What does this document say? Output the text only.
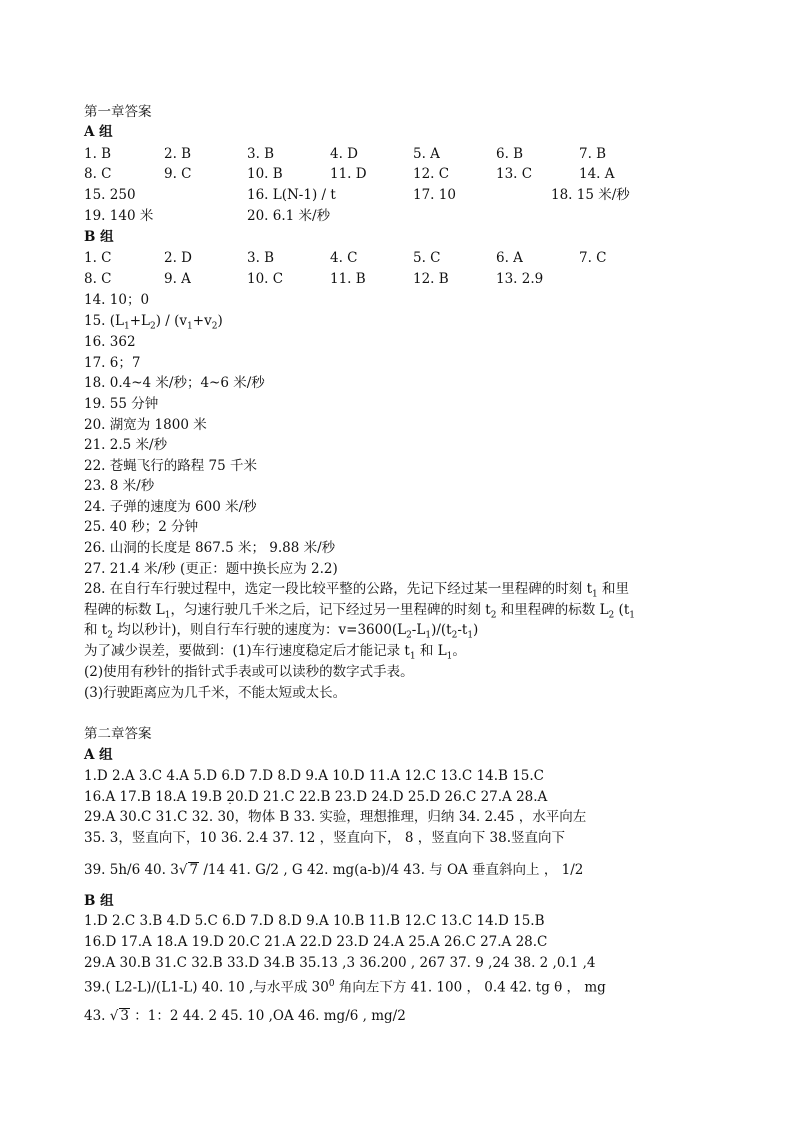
第一章答案
A 组
1. B	2. B	3. B	4. D	5. A	6. B	7. B
8. C	9. C	10. B	11. D	12. C	13. C	14. A
15. 250	16. L(N-1) / t	17. 10	18. 15 米/秒
19. 140 米	20. 6.1 米/秒
B 组
1. C	2. D	3. B	4. C	5. C	6. A	7. C
8. C	9. A	10. C	11. B	12. B	13. 2.9
14. 10；0
15. $(L_1+L_2) / (v_1+v_2)$
16. 362
17. 6；7
18. 0.4~4 米/秒；4~6 米/秒
19. 55 分钟
20. 湖宽为 1800 米
21. 2.5 米/秒
22. 苍蝇飞行的路程 75 千米
23. 8 米/秒
24. 子弹的速度为 600 米/秒
25. 40 秒；2 分钟
26. 山洞的长度是 867.5 米； 9.88 米/秒
27. 21.4 米/秒 (更正：题中换长应为 2.2)
28. 在自行车行驶过程中，选定一段比较平整的公路，先记下经过某一里程碑的时刻 $t_1$ 和里
程碑的标数 $L_1$，匀速行驶几千米之后，记下经过另一里程碑的时刻 $t_2$ 和里程碑的标数 $L_2$ ($t_1$
和 $t_2$ 均以秒计)，则自行车行驶的速度为：$v=3600(L_2-L_1)/(t_2-t_1)$
为了减少误差，要做到：(1)车行速度稳定后才能记录 $t_1$ 和 $L_1$。
(2)使用有秒针的指针式手表或可以读秒的数字式手表。
(3)行驶距离应为几千米，不能太短或太长。
第二章答案
A 组
1.D 2.A 3.C 4.A 5.D 6.D 7.D 8.D 9.A 10.D 11.A 12.C 13.C 14.B 15.C
16.A 17.B 18.A 19.B 20.D 21.C 22.B 23.D 24.D 25.D 26.C 27.A 28.A
29.A 30.C 31.C 32. 30 ˙，物体 B 33. 实验，理想推理，归纳 34. 2.45 ，水平向左
35. 3，竖直向下，10 36. 2.4 37. 12 ，竖直向下， 8 ，竖直向下 38.竖直向下
39. 5h/6 40. 3√ 7 /14 41. G/2 , G 42. mg(a-b)/4 43. 与 OA 垂直斜向上 ， 1/2
B 组
1.D 2.C 3.B 4.D 5.C 6.D 7.D 8.D 9.A 10.B 11.B 12.C 13.C 14.D 15.B
16.D 17.A 18.A 19.D 20.C 21.A 22.D 23.D 24.A 25.A 26.C 27.A 28.C
29.A 30.B 31.C 32.B 33.D 34.B 35.13 ,3 36.200 , 267 37. 9 ,24 38. 2 ,0.1 ,4
39.( L2-L)/(L1-L) 40. 10 ,与水平成 $30^0$ 角向左下方 41. 100 ， 0.4 42. tg θ ， mg
43. √ 3 ：1：2 44. 2 45. 10 ,OA 46. mg/6 , mg/2
